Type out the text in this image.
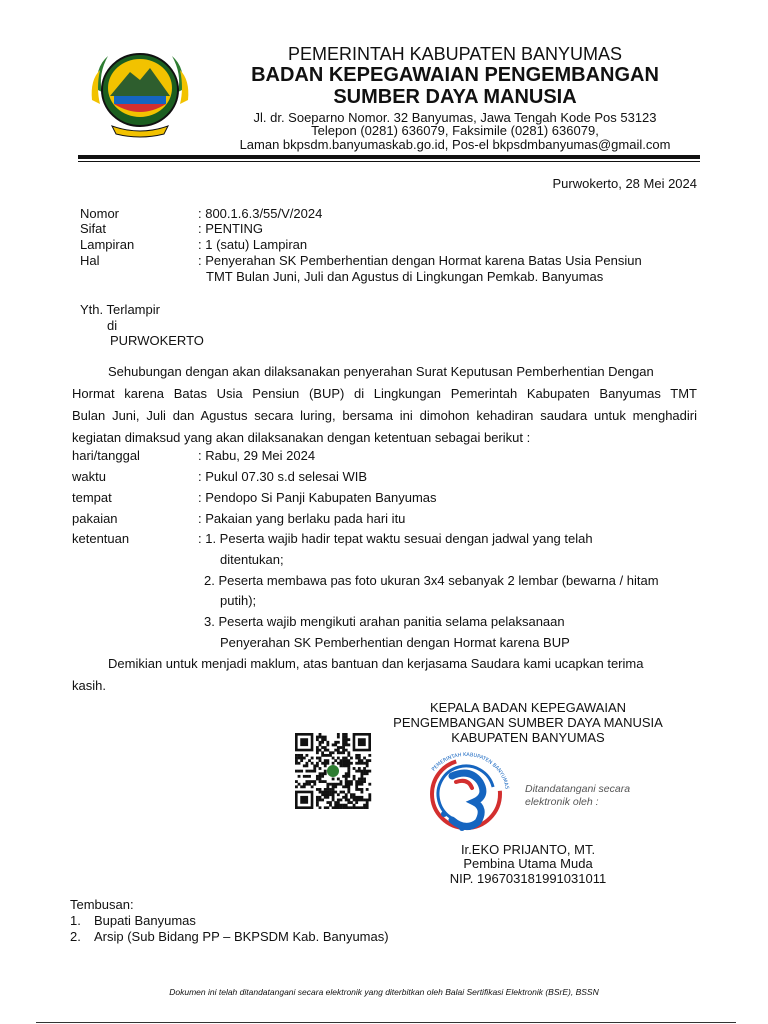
PEMERINTAH KABUPATEN BANYUMAS
BADAN KEPEGAWAIAN PENGEMBANGAN
SUMBER DAYA MANUSIA
Jl. dr. Soeparno Nomor. 32 Banyumas, Jawa Tengah Kode Pos 53123
Telepon (0281) 636079, Faksimile (0281) 636079,
Laman bkpsdm.banyumaskab.go.id, Pos-el bkpsdmbanyumas@gmail.com
Purwokerto, 28 Mei 2024
Nomor	: 800.1.6.3/55/V/2024
Sifat	: PENTING
Lampiran	: 1 (satu) Lampiran
Hal	: Penyerahan SK Pemberhentian dengan Hormat karena Batas Usia Pensiun
TMT Bulan Juni, Juli dan Agustus di Lingkungan Pemkab. Banyumas
Yth. Terlampir
di
PURWOKERTO
Sehubungan dengan akan dilaksanakan penyerahan Surat Keputusan Pemberhentian Dengan
Hormat karena Batas Usia Pensiun (BUP) di Lingkungan Pemerintah Kabupaten Banyumas TMT
Bulan Juni, Juli dan Agustus secara luring, bersama ini dimohon kehadiran saudara untuk menghadiri
kegiatan dimaksud yang akan dilaksanakan dengan ketentuan sebagai berikut :
hari/tanggal	: Rabu, 29 Mei 2024
waktu	: Pukul 07.30 s.d selesai WIB
tempat	: Pendopo Si Panji Kabupaten Banyumas
pakaian	: Pakaian yang berlaku pada hari itu
ketentuan	: 1. Peserta wajib hadir tepat waktu sesuai dengan jadwal yang telah
ditentukan;
2. Peserta membawa pas foto ukuran 3x4 sebanyak 2 lembar (bewarna / hitam
putih);
3. Peserta wajib mengikuti arahan panitia selama pelaksanaan
Penyerahan SK Pemberhentian dengan Hormat karena BUP
Demikian untuk menjadi maklum, atas bantuan dan kerjasama Saudara kami ucapkan terima
kasih.
KEPALA BADAN KEPEGAWAIAN
PENGEMBANGAN SUMBER DAYA MANUSIA
KABUPATEN BANYUMAS
PEMERINTAH KABUPATEN BANYUMAS Ditandatangani secara
elektronik oleh :
Ir.EKO PRIJANTO, MT.
Pembina Utama Muda
NIP. 196703181991031011
Tembusan:
1. Bupati Banyumas
2. Arsip (Sub Bidang PP – BKPSDM Kab. Banyumas)
Dokumen ini telah ditandatangani secara elektronik yang diterbitkan oleh Balai Sertifikasi Elektronik (BSrE), BSSN
